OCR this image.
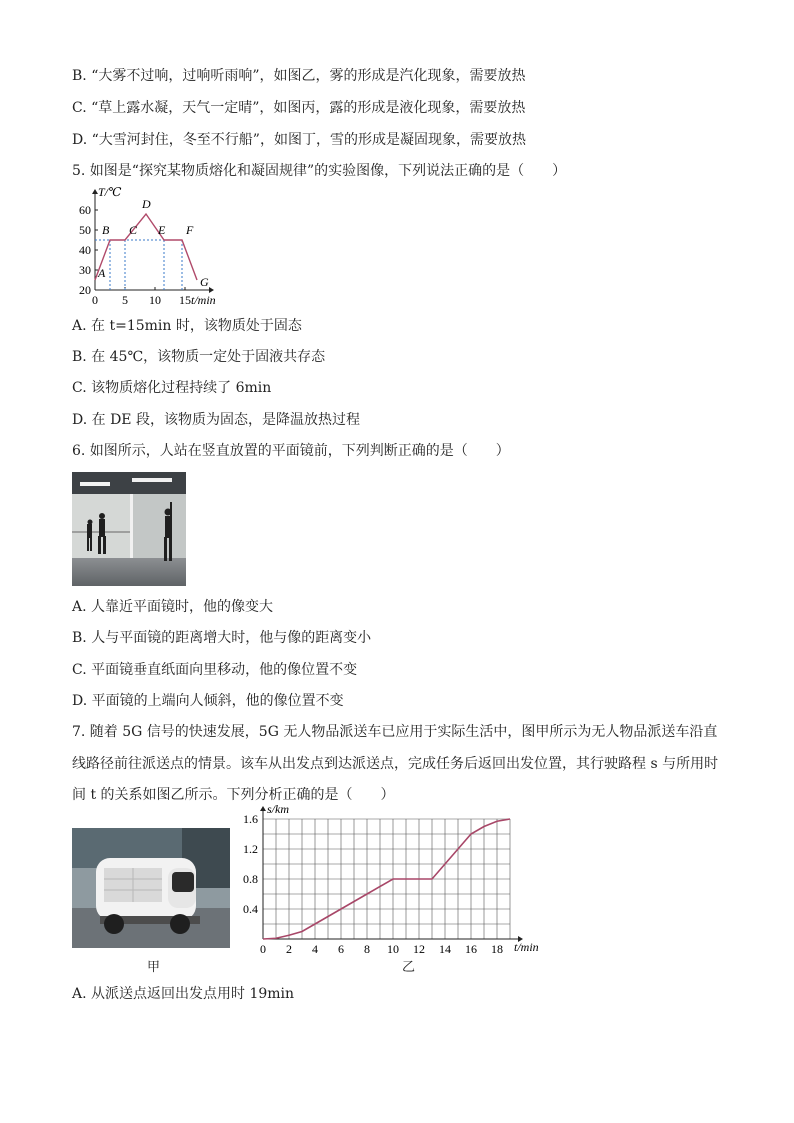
B. “大雾不过响，过响听雨响”，如图乙，雾的形成是汽化现象，需要放热
C. “草上露水凝，天气一定晴”，如图丙，露的形成是液化现象，需要放热
D. “大雪河封住，冬至不行船”，如图丁，雪的形成是凝固现象，需要放热
5. 如图是“探究某物质熔化和凝固规律”的实验图像，下列说法正确的是（　　）
20
30
40
50
60
0 5 10 15
T/℃
t/min
A
B C
D
E F
G
A. 在 t=15min 时，该物质处于固态
B. 在 45℃，该物质一定处于固液共存态
C. 该物质熔化过程持续了 6min
D. 在 DE 段，该物质为固态，是降温放热过程
6. 如图所示，人站在竖直放置的平面镜前，下列判断正确的是（　　）
A. 人靠近平面镜时，他的像变大
B. 人与平面镜的距离增大时，他与像的距离变小
C. 平面镜垂直纸面向里移动，他的像位置不变
D. 平面镜的上端向人倾斜，他的像位置不变
7. 随着 5G 信号的快速发展，5G 无人物品派送车已应用于实际生活中，图甲所示为无人物品派送车沿直
线路径前往派送点的情景。该车从出发点到达派送点，完成任务后返回出发位置，其行驶路程 s 与所用时
间 t 的关系如图乙所示。下列分析正确的是（　　）
甲
0.4
0.8
1.2
1.6
0 2 4 6 8 10 12 14 16 18
s/km
t/min
乙
A. 从派送点返回出发点用时 19min
